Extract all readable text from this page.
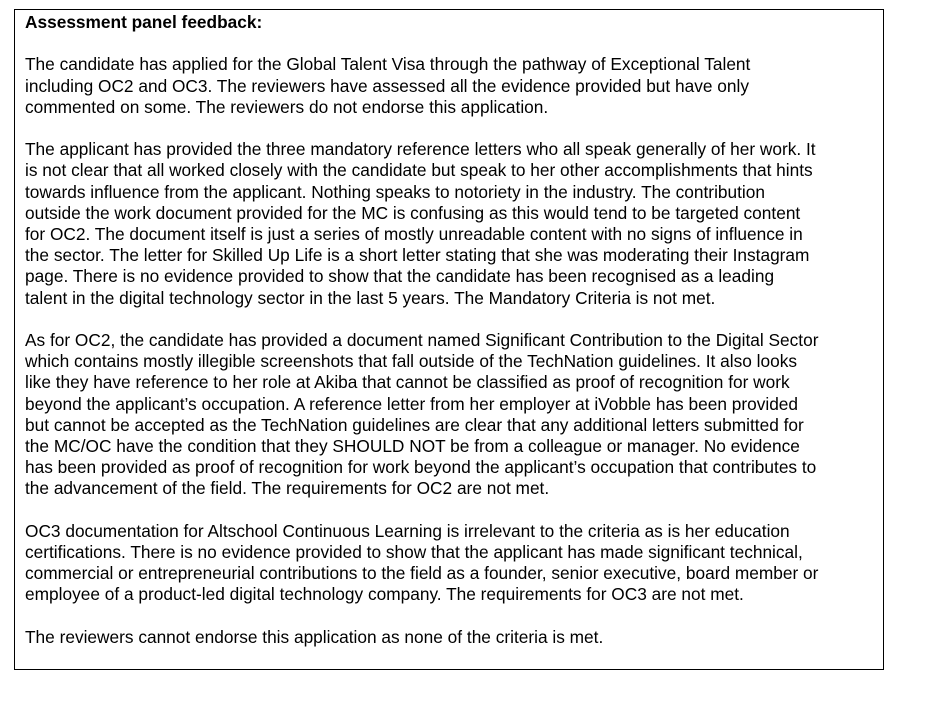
Assessment panel feedback:

The candidate has applied for the Global Talent Visa through the pathway of Exceptional Talent
including OC2 and OC3. The reviewers have assessed all the evidence provided but have only
commented on some. The reviewers do not endorse this application.

The applicant has provided the three mandatory reference letters who all speak generally of her work. It
is not clear that all worked closely with the candidate but speak to her other accomplishments that hints
towards influence from the applicant. Nothing speaks to notoriety in the industry. The contribution
outside the work document provided for the MC is confusing as this would tend to be targeted content
for OC2. The document itself is just a series of mostly unreadable content with no signs of influence in
the sector. The letter for Skilled Up Life is a short letter stating that she was moderating their Instagram
page. There is no evidence provided to show that the candidate has been recognised as a leading
talent in the digital technology sector in the last 5 years. The Mandatory Criteria is not met.

As for OC2, the candidate has provided a document named Significant Contribution to the Digital Sector
which contains mostly illegible screenshots that fall outside of the TechNation guidelines. It also looks
like they have reference to her role at Akiba that cannot be classified as proof of recognition for work
beyond the applicant’s occupation. A reference letter from her employer at iVobble has been provided
but cannot be accepted as the TechNation guidelines are clear that any additional letters submitted for
the MC/OC have the condition that they SHOULD NOT be from a colleague or manager. No evidence
has been provided as proof of recognition for work beyond the applicant’s occupation that contributes to
the advancement of the field. The requirements for OC2 are not met.

OC3 documentation for Altschool Continuous Learning is irrelevant to the criteria as is her education
certifications. There is no evidence provided to show that the applicant has made significant technical,
commercial or entrepreneurial contributions to the field as a founder, senior executive, board member or
employee of a product-led digital technology company. The requirements for OC3 are not met.

The reviewers cannot endorse this application as none of the criteria is met.
